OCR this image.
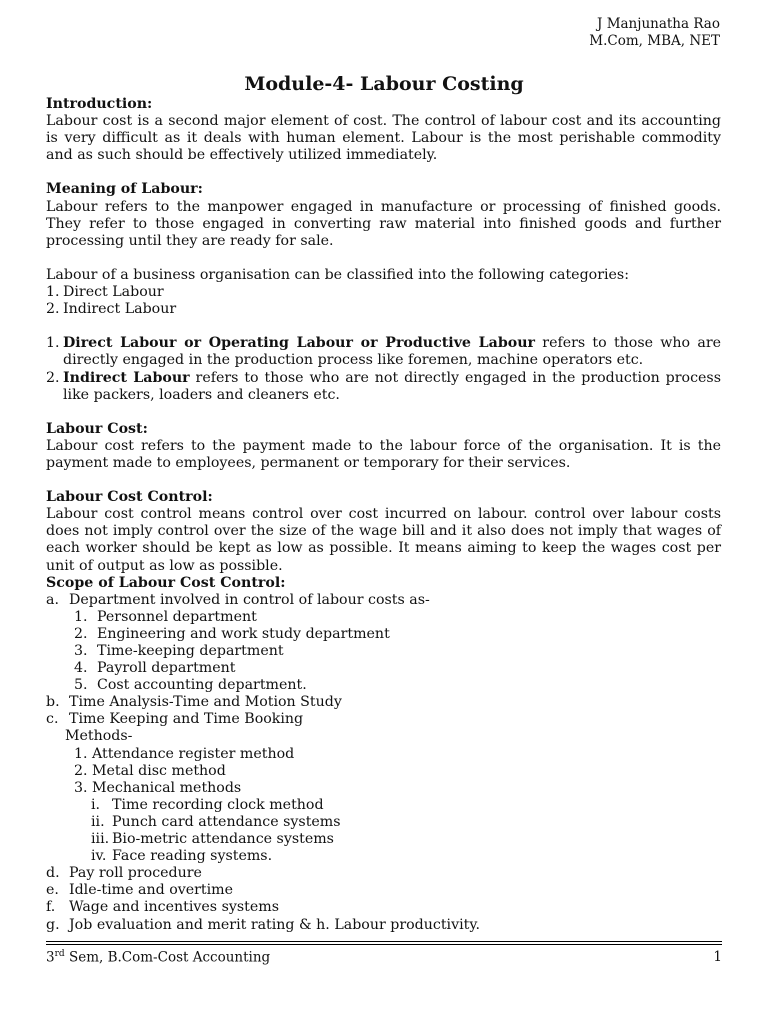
J Manjunatha Rao
M.Com, MBA, NET
Module-4- Labour Costing
Introduction:

Labour cost is a second major element of cost. The control of labour cost and its accounting is very difficult as it deals with human element. Labour is the most perishable commodity and as such should be effectively utilized immediately.

Meaning of Labour:

Labour refers to the manpower engaged in manufacture or processing of finished goods. They refer to those engaged in converting raw material into finished goods and further processing until they are ready for sale.

Labour of a business organisation can be classified into the following categories:

1. Direct Labour
2. Indirect Labour
1. Direct Labour or Operating Labour or Productive Labour refers to those who are directly engaged in the production process like foremen, machine operators etc.
2. Indirect Labour refers to those who are not directly engaged in the production process like packers, loaders and cleaners etc.
Labour Cost:

Labour cost refers to the payment made to the labour force of the organisation. It is the payment made to employees, permanent or temporary for their services.

Labour Cost Control:

Labour cost control means control over cost incurred on labour. control over labour costs does not imply control over the size of the wage bill and it also does not imply that wages of each worker should be kept as low as possible. It means aiming to keep the wages cost per unit of output as low as possible.

Scope of Labour Cost Control:
a. Department involved in control of labour costs as-
1. Personnel department
2. Engineering and work study department
3. Time-keeping department
4. Payroll department
5. Cost accounting department.
b. Time Analysis-Time and Motion Study
c. Time Keeping and Time Booking
Methods-
1. Attendance register method
2. Metal disc method
3. Mechanical methods
i. Time recording clock method
ii. Punch card attendance systems
iii. Bio-metric attendance systems
iv. Face reading systems.
d. Pay roll procedure
e. Idle-time and overtime
f. Wage and incentives systems
g. Job evaluation and merit rating & h. Labour productivity.
3rd Sem, B.Com-Cost Accounting	1
